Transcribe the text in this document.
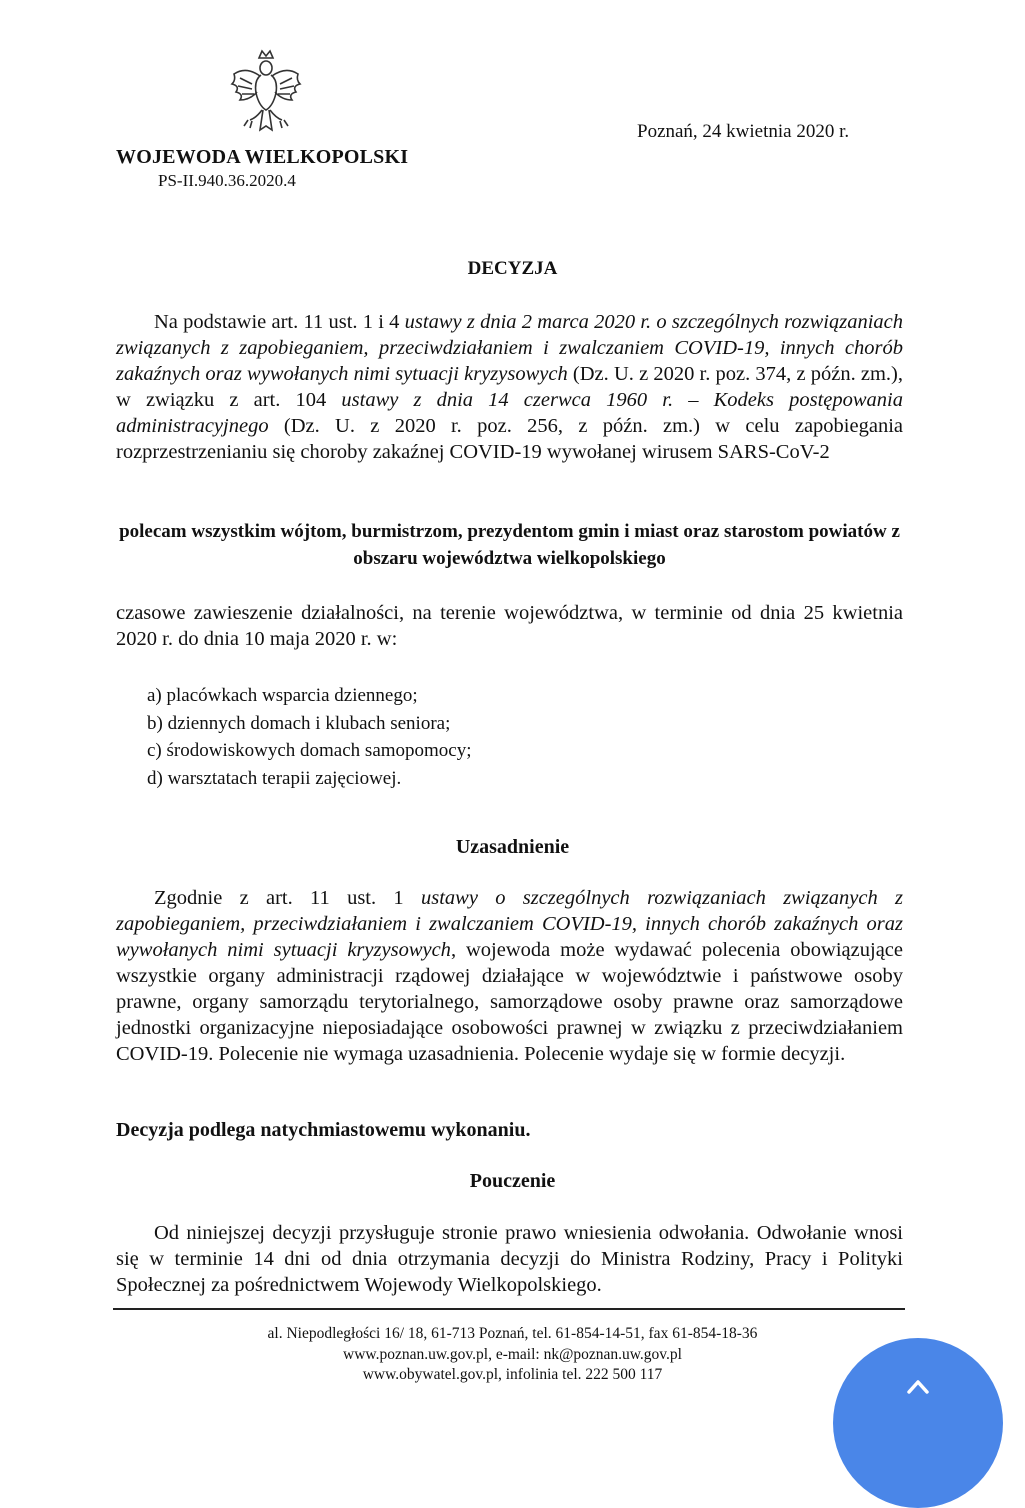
WOJEWODA WIELKOPOLSKI
PS-II.940.36.2020.4
Poznań, 24 kwietnia 2020 r.
DECYZJA
Na podstawie art. 11 ust. 1 i 4 ustawy z dnia 2 marca 2020 r. o szczególnych rozwiązaniach związanych z zapobieganiem, przeciwdziałaniem i zwalczaniem COVID-19, innych chorób zakaźnych oraz wywołanych nimi sytuacji kryzysowych (Dz. U. z 2020 r. poz. 374, z późn. zm.), w związku z art. 104 ustawy z dnia 14 czerwca 1960 r. – Kodeks postępowania administracyjnego (Dz. U. z 2020 r. poz. 256, z późn. zm.) w celu zapobiegania rozprzestrzenianiu się choroby zakaźnej COVID-19 wywołanej wirusem SARS-CoV-2
polecam wszystkim wójtom, burmistrzom, prezydentom gmin i miast oraz starostom powiatów z obszaru województwa wielkopolskiego
czasowe zawieszenie działalności, na terenie województwa, w terminie od dnia 25 kwietnia 2020 r. do dnia 10 maja 2020 r. w:
a) placówkach wsparcia dziennego;
b) dziennych domach i klubach seniora;
c) środowiskowych domach samopomocy;
d) warsztatach terapii zajęciowej.
Uzasadnienie
Zgodnie z art. 11 ust. 1 ustawy o szczególnych rozwiązaniach związanych z zapobieganiem, przeciwdziałaniem i zwalczaniem COVID-19, innych chorób zakaźnych oraz wywołanych nimi sytuacji kryzysowych, wojewoda może wydawać polecenia obowiązujące wszystkie organy administracji rządowej działające w województwie i państwowe osoby prawne, organy samorządu terytorialnego, samorządowe osoby prawne oraz samorządowe jednostki organizacyjne nieposiadające osobowości prawnej w związku z przeciwdziałaniem COVID-19. Polecenie nie wymaga uzasadnienia. Polecenie wydaje się w formie decyzji.
Decyzja podlega natychmiastowemu wykonaniu.
Pouczenie
Od niniejszej decyzji przysługuje stronie prawo wniesienia odwołania. Odwołanie wnosi się w terminie 14 dni od dnia otrzymania decyzji do Ministra Rodziny, Pracy i Polityki Społecznej za pośrednictwem Wojewody Wielkopolskiego.
al. Niepodległości 16/ 18, 61-713 Poznań, tel. 61-854-14-51, fax 61-854-18-36
www.poznan.uw.gov.pl, e-mail: nk@poznan.uw.gov.pl
www.obywatel.gov.pl, infolinia tel. 222 500 117
